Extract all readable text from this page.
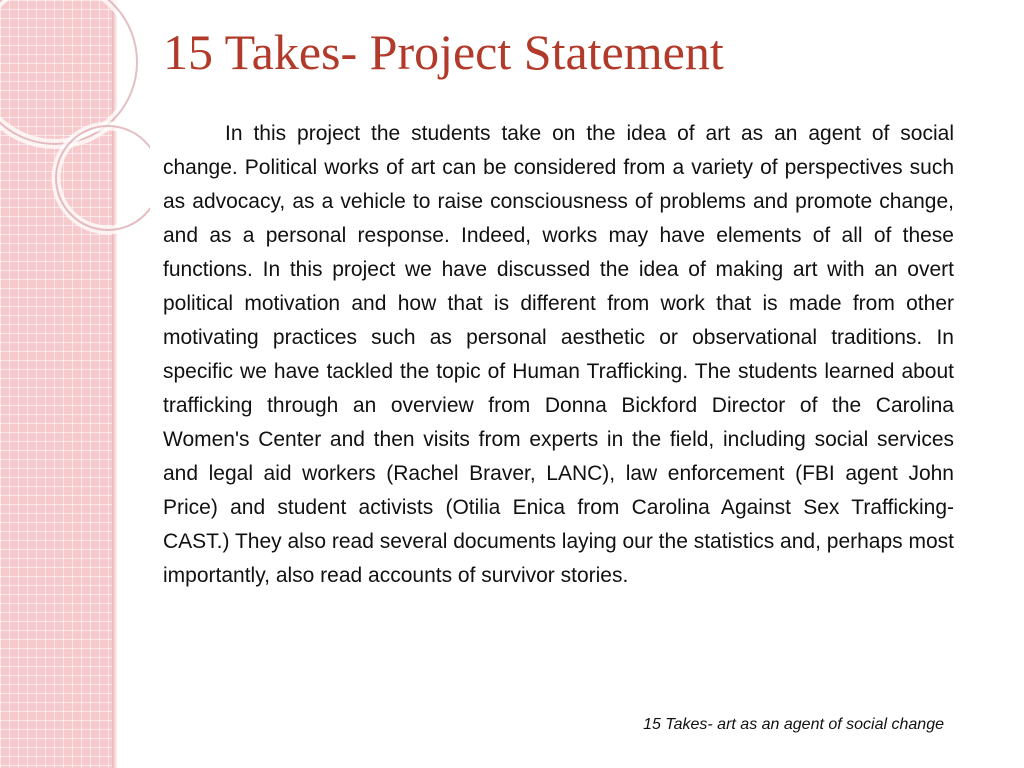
15 Takes- Project Statement

In this project the students take on the idea of art as an agent of social change. Political works of art can be considered from a variety of perspectives such as advocacy, as a vehicle to raise consciousness of problems and promote change, and as a personal response. Indeed, works may have elements of all of these functions. In this project we have discussed the idea of making art with an overt political motivation and how that is different from work that is made from other motivating practices such as personal aesthetic or observational traditions. In specific we have tackled the topic of Human Trafficking. The students learned about trafficking through an overview from Donna Bickford Director of the Carolina Women's Center and then visits from experts in the field, including social services and legal aid workers (Rachel Braver, LANC), law enforcement (FBI agent John Price) and student activists (Otilia Enica from Carolina Against Sex Trafficking-CAST.) They also read several documents laying our the statistics and, perhaps most importantly, also read accounts of survivor stories.

15 Takes- art as an agent of social change
